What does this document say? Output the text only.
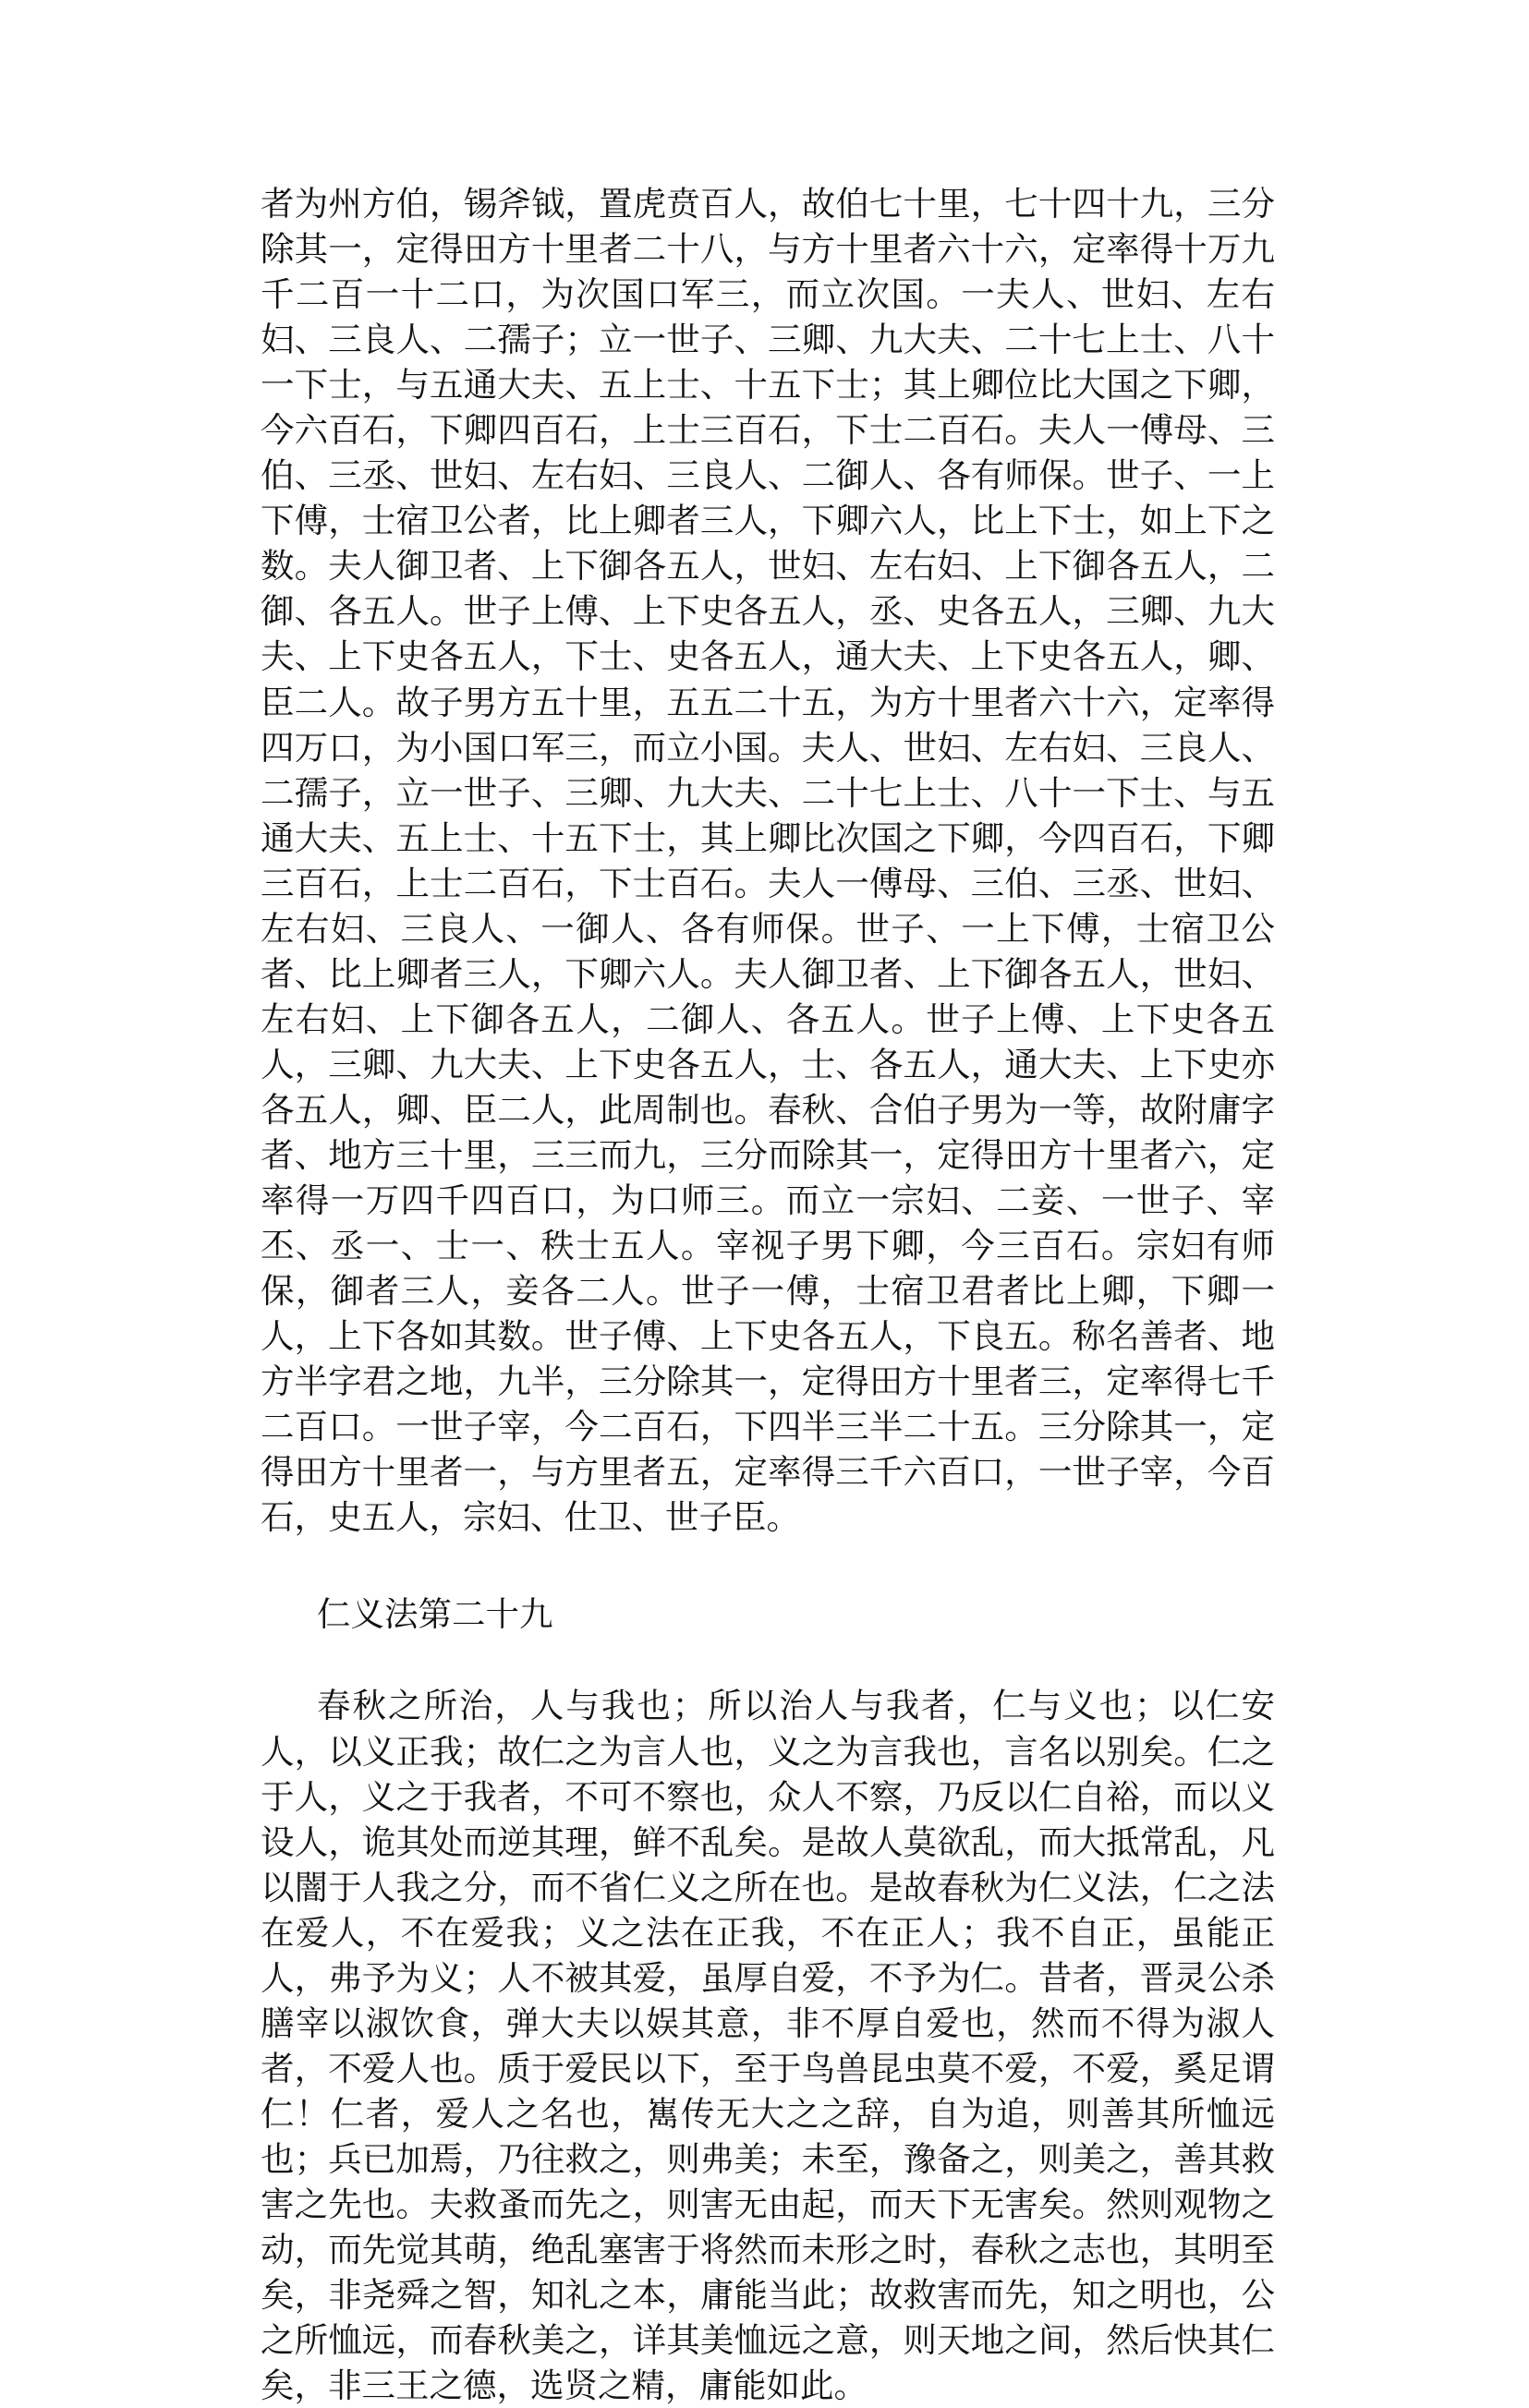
者为州方伯，锡斧钺，置虎贲百人，故伯七十里，七十四十九，三分除其一，定得田方十里者二十八，与方十里者六十六，定率得十万九千二百一十二口，为次国口军三，而立次国。一夫人、世妇、左右妇、三良人、二孺子；立一世子、三卿、九大夫、二十七上士、八十一下士，与五通大夫、五上士、十五下士；其上卿位比大国之下卿，今六百石，下卿四百石，上士三百石，下士二百石。夫人一傅母、三伯、三丞、世妇、左右妇、三良人、二御人、各有师保。世子、一上下傅，士宿卫公者，比上卿者三人，下卿六人，比上下士，如上下之数。夫人御卫者、上下御各五人，世妇、左右妇、上下御各五人，二御、各五人。世子上傅、上下史各五人，丞、史各五人，三卿、九大夫、上下史各五人，下士、史各五人，通大夫、上下史各五人，卿、臣二人。故子男方五十里，五五二十五，为方十里者六十六，定率得四万口，为小国口军三，而立小国。夫人、世妇、左右妇、三良人、二孺子，立一世子、三卿、九大夫、二十七上士、八十一下士、与五通大夫、五上士、十五下士，其上卿比次国之下卿，今四百石，下卿三百石，上士二百石，下士百石。夫人一傅母、三伯、三丞、世妇、左右妇、三良人、一御人、各有师保。世子、一上下傅，士宿卫公者、比上卿者三人，下卿六人。夫人御卫者、上下御各五人，世妇、左右妇、上下御各五人，二御人、各五人。世子上傅、上下史各五人，三卿、九大夫、上下史各五人，士、各五人，通大夫、上下史亦各五人，卿、臣二人，此周制也。春秋、合伯子男为一等，故附庸字者、地方三十里，三三而九，三分而除其一，定得田方十里者六，定率得一万四千四百口，为口师三。而立一宗妇、二妾、一世子、宰丕、丞一、士一、秩士五人。宰视子男下卿，今三百石。宗妇有师保，御者三人，妾各二人。世子一傅，士宿卫君者比上卿，下卿一人，上下各如其数。世子傅、上下史各五人，下良五。称名善者、地方半字君之地，九半，三分除其一，定得田方十里者三，定率得七千二百口。一世子宰，今二百石，下四半三半二十五。三分除其一，定得田方十里者一，与方里者五，定率得三千六百口，一世子宰，今百石，史五人，宗妇、仕卫、世子臣。

仁义法第二十九

春秋之所治，人与我也；所以治人与我者，仁与义也；以仁安人，以义正我；故仁之为言人也，义之为言我也，言名以别矣。仁之于人，义之于我者，不可不察也，众人不察，乃反以仁自裕，而以义设人，诡其处而逆其理，鲜不乱矣。是故人莫欲乱，而大抵常乱，凡以闇于人我之分，而不省仁义之所在也。是故春秋为仁义法，仁之法在爱人，不在爱我；义之法在正我，不在正人；我不自正，虽能正人，弗予为义；人不被其爱，虽厚自爱，不予为仁。昔者，晋灵公杀膳宰以淑饮食，弹大夫以娱其意，非不厚自爱也，然而不得为淑人者，不爱人也。质于爱民以下，至于鸟兽昆虫莫不爱，不爱，奚足谓仁！仁者，爱人之名也，嶲传无大之之辞，自为追，则善其所恤远也；兵已加焉，乃往救之，则弗美；未至，豫备之，则美之，善其救害之先也。夫救蚤而先之，则害无由起，而天下无害矣。然则观物之动，而先觉其萌，绝乱塞害于将然而未形之时，春秋之志也，其明至矣，非尧舜之智，知礼之本，庸能当此；故救害而先，知之明也，公之所恤远，而春秋美之，详其美恤远之意，则天地之间，然后快其仁矣，非三王之德，选贤之精，庸能如此。
